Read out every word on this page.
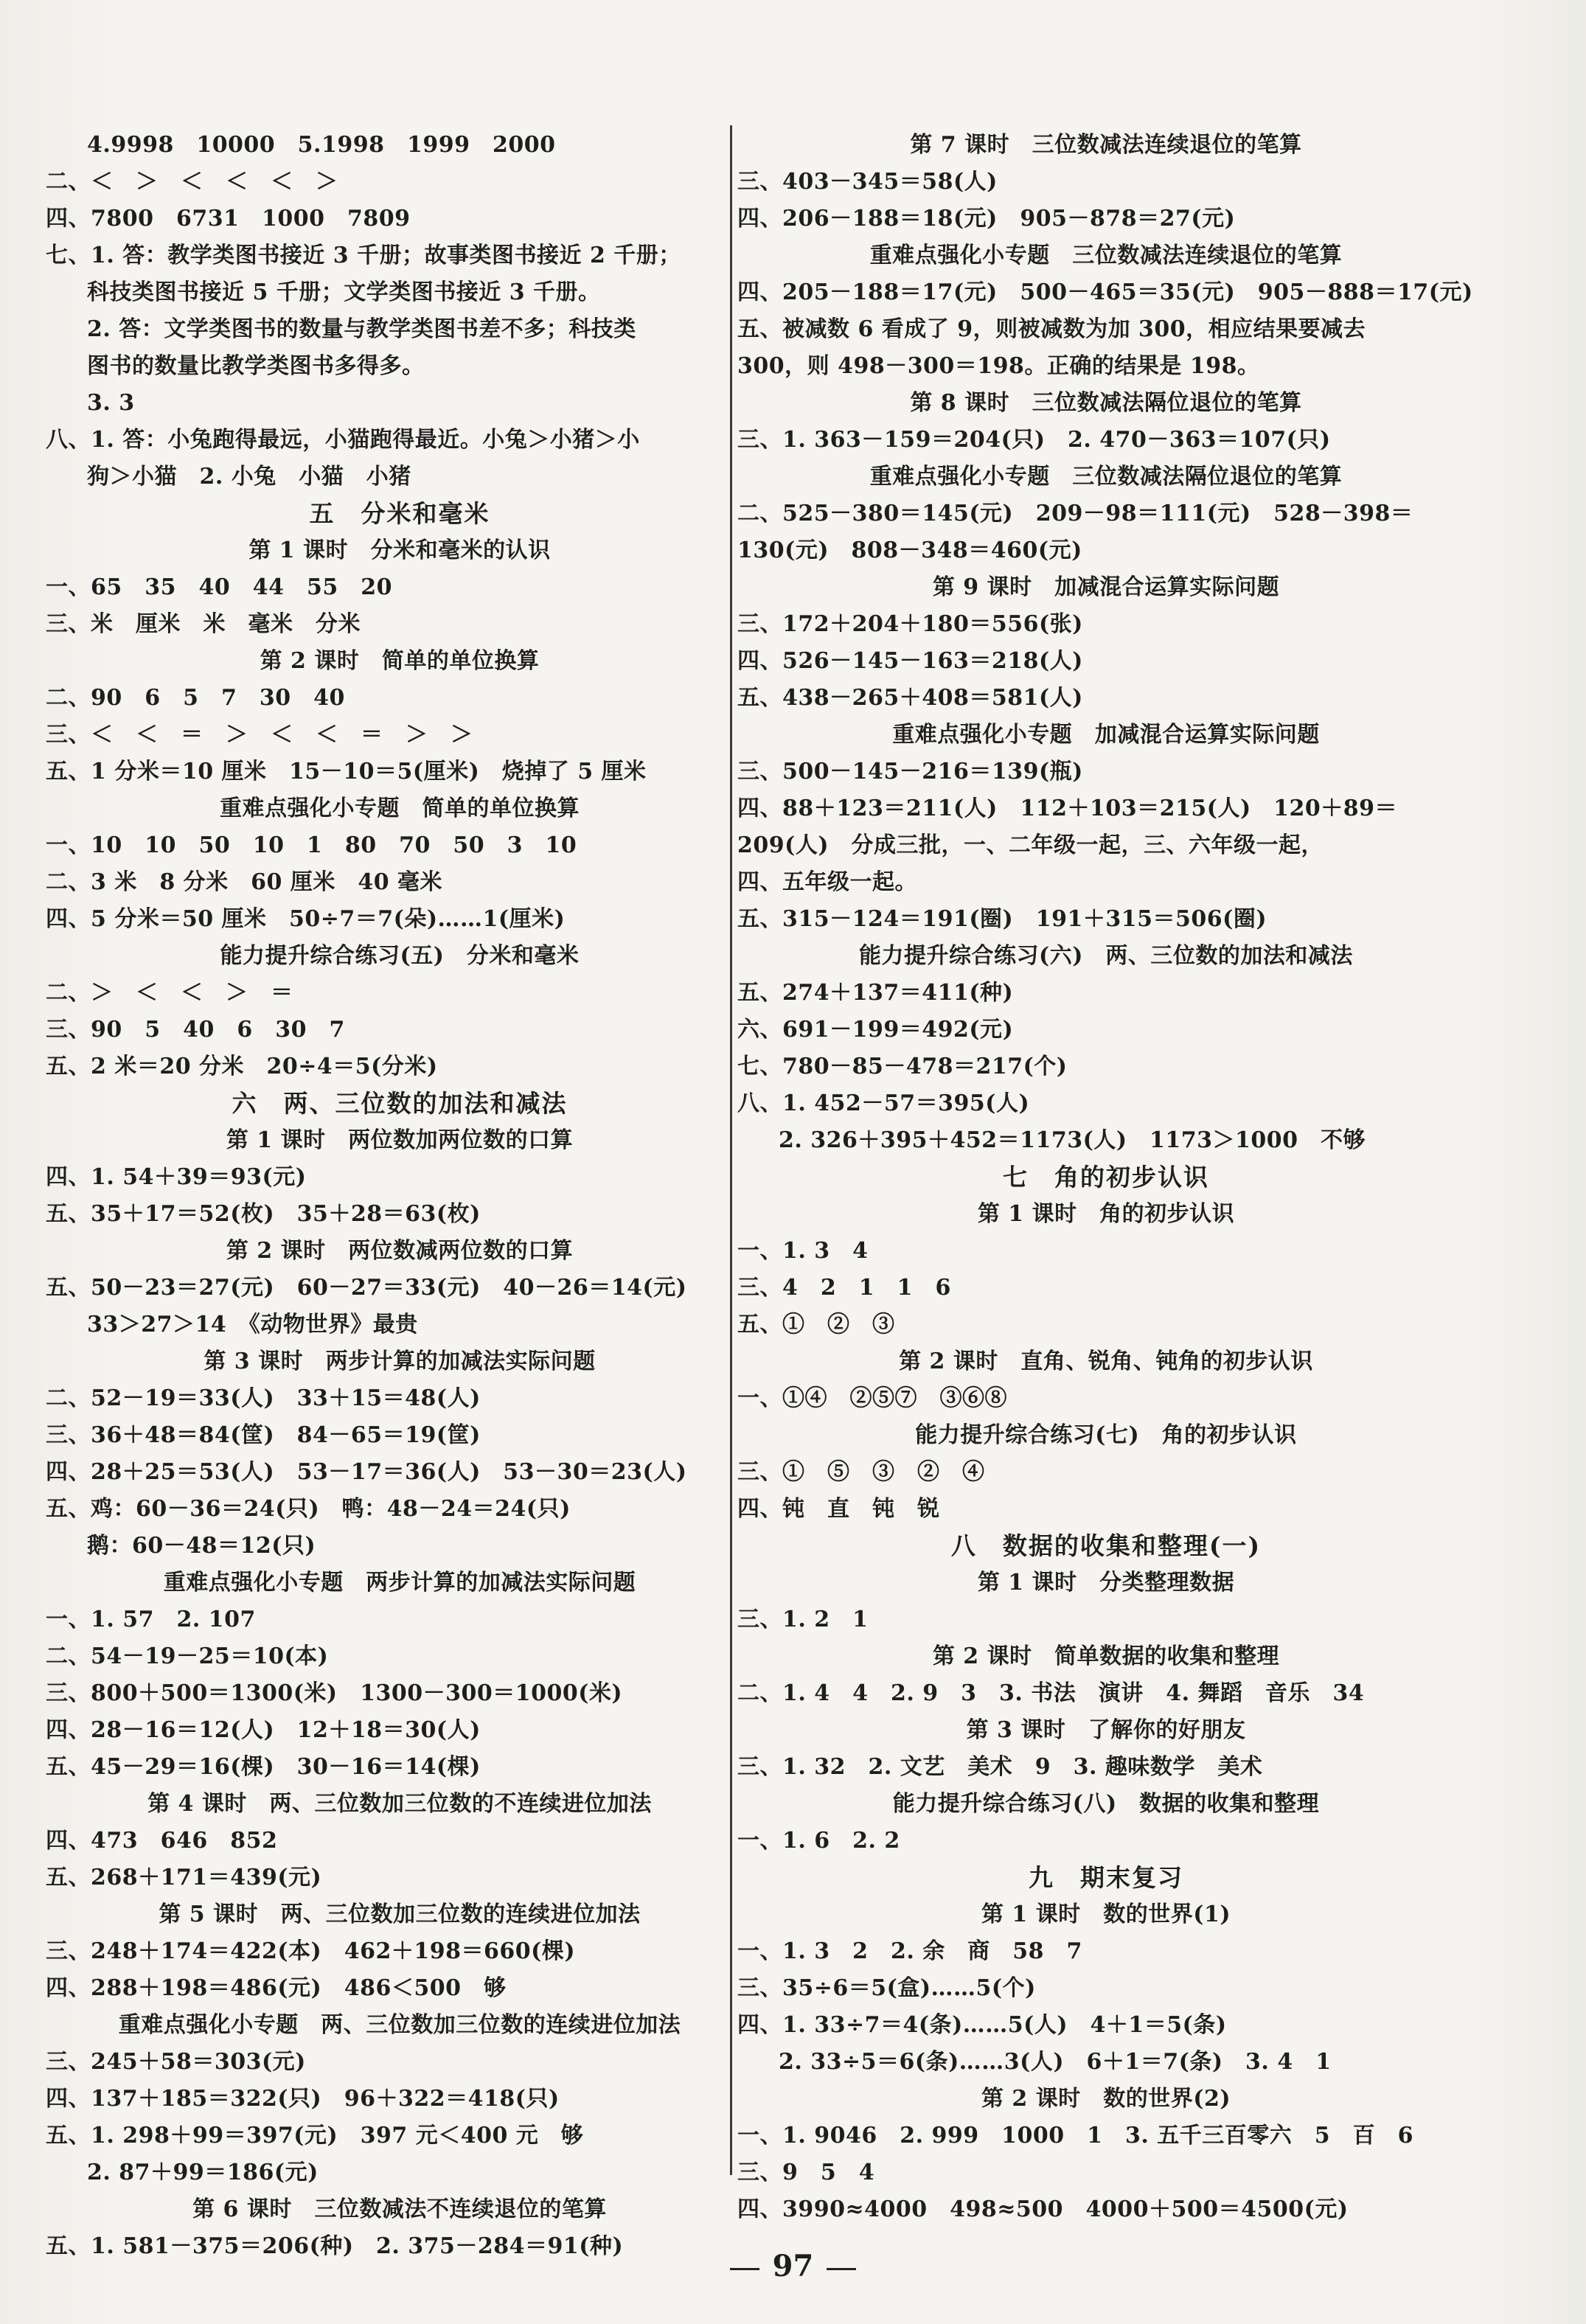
4.9998　10000　5.1998　1999　2000
二、＜　＞　＜　＜　＜　＞
四、7800　6731　1000　7809
七、1. 答：教学类图书接近 3 千册；故事类图书接近 2 千册；
科技类图书接近 5 千册；文学类图书接近 3 千册。
2. 答：文学类图书的数量与教学类图书差不多；科技类
图书的数量比教学类图书多得多。
3. 3
八、1. 答：小兔跑得最远，小猫跑得最近。小兔＞小猪＞小
狗＞小猫　2. 小兔　小猫　小猪
五　分米和毫米
第 1 课时　分米和毫米的认识
一、65　35　40　44　55　20
三、米　厘米　米　毫米　分米
第 2 课时　简单的单位换算
二、90　6　5　7　30　40
三、＜　＜　＝　＞　＜　＜　＝　＞　＞
五、1 分米＝10 厘米　15－10＝5(厘米)　烧掉了 5 厘米
重难点强化小专题　简单的单位换算
一、10　10　50　10　1　80　70　50　3　10
二、3 米　8 分米　60 厘米　40 毫米
四、5 分米＝50 厘米　50÷7＝7(朵)……1(厘米)
能力提升综合练习(五)　分米和毫米
二、＞　＜　＜　＞　＝
三、90　5　40　6　30　7
五、2 米＝20 分米　20÷4＝5(分米)
六　两、三位数的加法和减法
第 1 课时　两位数加两位数的口算
四、1. 54＋39＝93(元)
五、35＋17＝52(枚)　35＋28＝63(枚)
第 2 课时　两位数减两位数的口算
五、50－23＝27(元)　60－27＝33(元)　40－26＝14(元)
33＞27＞14　《动物世界》最贵
第 3 课时　两步计算的加减法实际问题
二、52－19＝33(人)　33＋15＝48(人)
三、36＋48＝84(筐)　84－65＝19(筐)
四、28＋25＝53(人)　53－17＝36(人)　53－30＝23(人)
五、鸡：60－36＝24(只)　鸭：48－24＝24(只)
鹅：60－48＝12(只)
重难点强化小专题　两步计算的加减法实际问题
一、1. 57　2. 107
二、54－19－25＝10(本)
三、800＋500＝1300(米)　1300－300＝1000(米)
四、28－16＝12(人)　12＋18＝30(人)
五、45－29＝16(棵)　30－16＝14(棵)
第 4 课时　两、三位数加三位数的不连续进位加法
四、473　646　852
五、268＋171＝439(元)
第 5 课时　两、三位数加三位数的连续进位加法
三、248＋174＝422(本)　462＋198＝660(棵)
四、288＋198＝486(元)　486＜500　够
重难点强化小专题　两、三位数加三位数的连续进位加法
三、245＋58＝303(元)
四、137＋185＝322(只)　96＋322＝418(只)
五、1. 298＋99＝397(元)　397 元＜400 元　够
2. 87＋99＝186(元)
第 6 课时　三位数减法不连续退位的笔算
五、1. 581－375＝206(种)　2. 375－284＝91(种)
第 7 课时　三位数减法连续退位的笔算
三、403－345＝58(人)
四、206－188＝18(元)　905－878＝27(元)
重难点强化小专题　三位数减法连续退位的笔算
四、205－188＝17(元)　500－465＝35(元)　905－888＝17(元)
五、被减数 6 看成了 9，则被减数为加 300，相应结果要减去
300，则 498－300＝198。正确的结果是 198。
第 8 课时　三位数减法隔位退位的笔算
三、1. 363－159＝204(只)　2. 470－363＝107(只)
重难点强化小专题　三位数减法隔位退位的笔算
二、525－380＝145(元)　209－98＝111(元)　528－398＝
130(元)　808－348＝460(元)
第 9 课时　加减混合运算实际问题
三、172＋204＋180＝556(张)
四、526－145－163＝218(人)
五、438－265＋408＝581(人)
重难点强化小专题　加减混合运算实际问题
三、500－145－216＝139(瓶)
四、88＋123＝211(人)　112＋103＝215(人)　120＋89＝
209(人)　分成三批，一、二年级一起，三、六年级一起，
四、五年级一起。
五、315－124＝191(圈)　191＋315＝506(圈)
能力提升综合练习(六)　两、三位数的加法和减法
五、274＋137＝411(种)
六、691－199＝492(元)
七、780－85－478＝217(个)
八、1. 452－57＝395(人)
2. 326＋395＋452＝1173(人)　1173＞1000　不够
七　角的初步认识
第 1 课时　角的初步认识
一、1. 3　4
三、4　2　1　1　6
五、①　②　③
第 2 课时　直角、锐角、钝角的初步认识
一、①④　②⑤⑦　③⑥⑧
能力提升综合练习(七)　角的初步认识
三、①　⑤　③　②　④
四、钝　直　钝　锐
八　数据的收集和整理(一)
第 1 课时　分类整理数据
三、1. 2　1
第 2 课时　简单数据的收集和整理
二、1. 4　4　2. 9　3　3. 书法　演讲　4. 舞蹈　音乐　34
第 3 课时　了解你的好朋友
三、1. 32　2. 文艺　美术　9　3. 趣味数学　美术
能力提升综合练习(八)　数据的收集和整理
一、1. 6　2. 2
九　期末复习
第 1 课时　数的世界(1)
一、1. 3　2　2. 余　商　58　7
三、35÷6＝5(盒)……5(个)
四、1. 33÷7＝4(条)……5(人)　4＋1＝5(条)
2. 33÷5＝6(条)……3(人)　6＋1＝7(条)　3. 4　1
第 2 课时　数的世界(2)
一、1. 9046　2. 999　1000　1　3. 五千三百零六　5　百　6
三、9　5　4
四、3990≈4000　498≈500　4000＋500＝4500(元)
97
